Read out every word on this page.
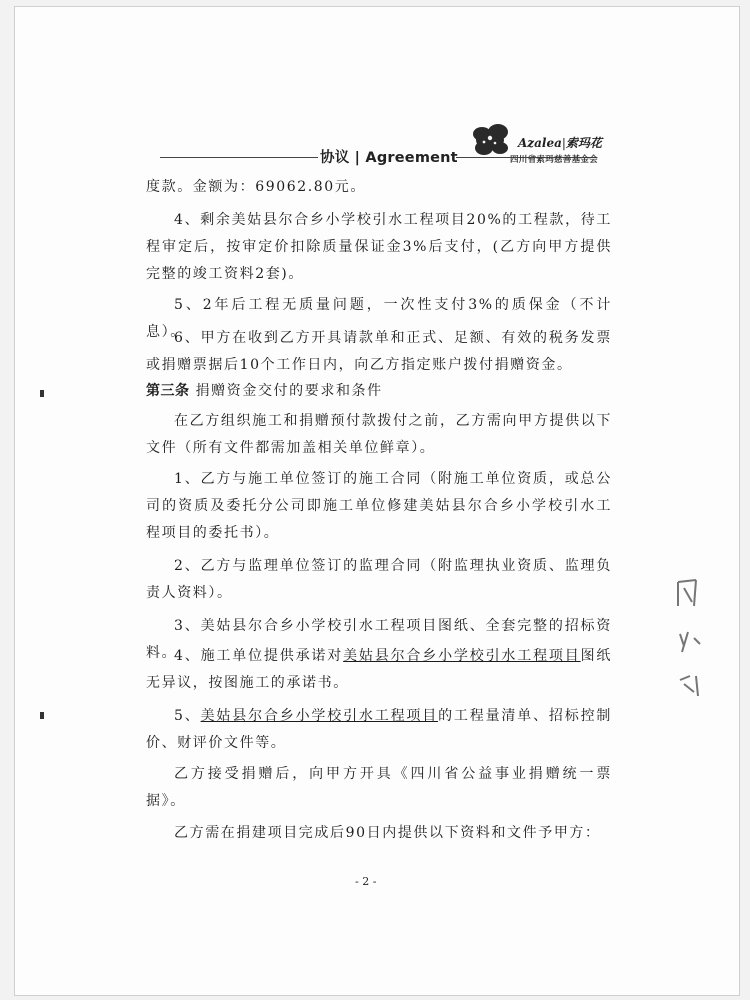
协议 | Agreement
Azalea|索玛花
四川省索玛慈善基金会

度款。金额为：69062.80元。

4、剩余美姑县尔合乡小学校引水工程项目20%的工程款，待工程审定后，按审定价扣除质量保证金3%后支付，(乙方向甲方提供完整的竣工资料2套)。

5、2年后工程无质量问题，一次性支付3%的质保金（不计息）。

6、甲方在收到乙方开具请款单和正式、足额、有效的税务发票或捐赠票据后10个工作日内，向乙方指定账户拨付捐赠资金。

第三条 捐赠资金交付的要求和条件

在乙方组织施工和捐赠预付款拨付之前，乙方需向甲方提供以下文件（所有文件都需加盖相关单位鲜章）。

1、乙方与施工单位签订的施工合同（附施工单位资质，或总公司的资质及委托分公司即施工单位修建美姑县尔合乡小学校引水工程项目的委托书）。

2、乙方与监理单位签订的监理合同（附监理执业资质、监理负责人资料）。

3、美姑县尔合乡小学校引水工程项目图纸、全套完整的招标资料。

4、施工单位提供承诺对美姑县尔合乡小学校引水工程项目图纸无异议，按图施工的承诺书。

5、美姑县尔合乡小学校引水工程项目的工程量清单、招标控制价、财评价文件等。

乙方接受捐赠后，向甲方开具《四川省公益事业捐赠统一票据》。

乙方需在捐建项目完成后90日内提供以下资料和文件予甲方：

- 2 -
